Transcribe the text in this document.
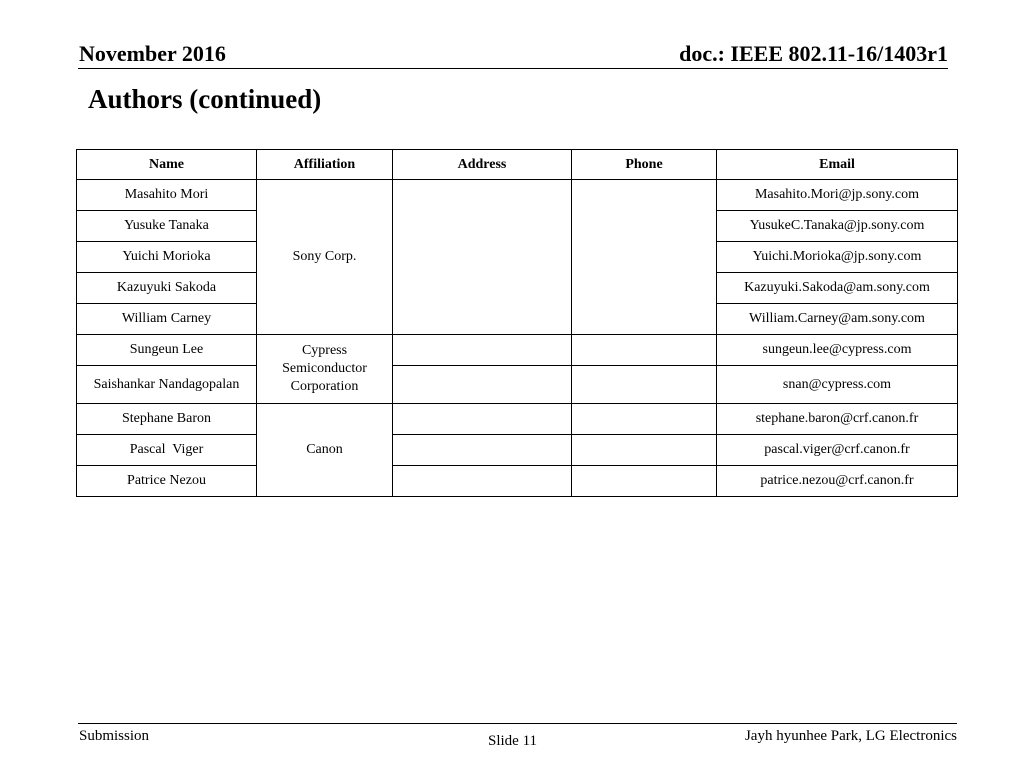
November 2016	doc.: IEEE 802.11-16/1403r1
Authors (continued)
Name	Affiliation	Address	Phone	Email
Masahito Mori	Sony Corp.			Masahito.Mori@jp.sony.com
Yusuke Tanaka				YusukeC.Tanaka@jp.sony.com
Yuichi Morioka				Yuichi.Morioka@jp.sony.com
Kazuyuki Sakoda				Kazuyuki.Sakoda@am.sony.com
William Carney				William.Carney@am.sony.com
Sungeun Lee	Cypress Semiconductor Corporation			sungeun.lee@cypress.com
Saishankar Nandagopalan				snan@cypress.com
Stephane Baron	Canon			stephane.baron@crf.canon.fr
Pascal  Viger				pascal.viger@crf.canon.fr
Patrice Nezou				patrice.nezou@crf.canon.fr
Submission	Slide 11	Jayh hyunhee Park, LG Electronics
